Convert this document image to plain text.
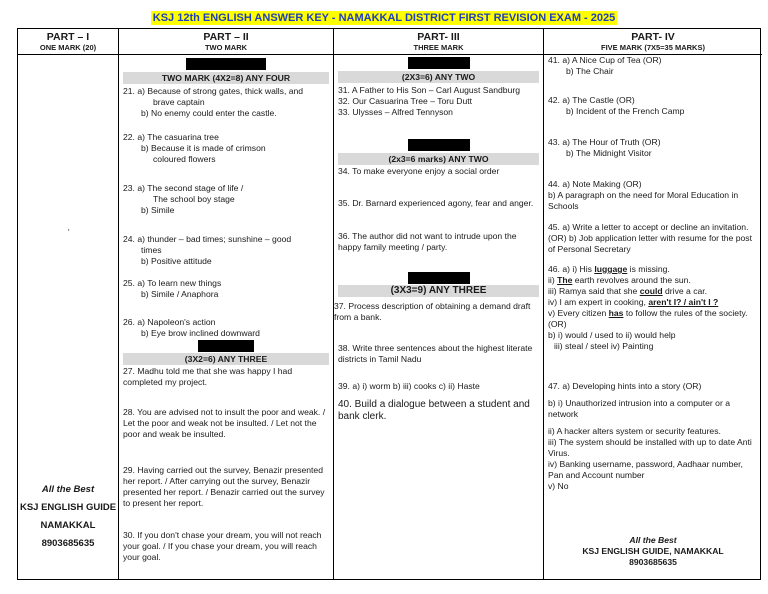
KSJ 12th ENGLISH ANSWER KEY - NAMAKKAL DISTRICT FIRST REVISION EXAM - 2025
PART – I
ONE MARK (20)
'
All the Best
KSJ ENGLISH GUIDE
NAMAKKAL
8903685635
PART – II
TWO MARK
TWO MARK (4X2=8) ANY FOUR
21. a) Because of strong gates, thick walls, and
brave captain
b) No enemy could enter the castle.
22. a) The casuarina tree
b) Because it is made of crimson
coloured flowers
23. a) The second stage of life /
The school boy stage
b) Simile
24. a) thunder – bad times; sunshine – good
times
b) Positive attitude
25. a) To learn new things
b) Simile / Anaphora
26. a) Napoleon's action
b) Eye brow inclined downward
(3X2=6) ANY THREE
27. Madhu told me that she was happy I had completed my project.
28. You are advised not to insult the poor and weak. / Let the poor and weak not be insulted. / Let not the poor and weak be insulted.
29. Having carried out the survey, Benazir presented her report. / After carrying out the survey, Benazir presented her report. / Benazir carried out the survey to present her report.
30. If you don't chase your dream, you will not reach your goal. / If you chase your dream, you will reach your goal.
PART- III
THREE MARK
(2X3=6) ANY TWO
31. A Father to His Son – Carl August Sandburg
32. Our Casuarina Tree – Toru Dutt
33. Ulysses – Alfred Tennyson
(2x3=6 marks) ANY TWO
34. To make everyone enjoy a social order
35. Dr. Barnard experienced agony, fear and anger.
36. The author did not want to intrude upon the happy family meeting / party.
(3X3=9) ANY THREE
37. Process description of obtaining a demand draft from a bank.
38. Write three sentences about the highest literate districts in Tamil Nadu
39. a) i) worm b) iii) cooks c) ii) Haste
40. Build a dialogue between a student and bank clerk.
PART- IV
FIVE MARK (7X5=35 MARKS)
41. a) A Nice Cup of Tea (OR)
b) The Chair
42. a) The Castle (OR)
b) Incident of the French Camp
43. a) The Hour of Truth (OR)
b) The Midnight Visitor
44. a) Note Making (OR)
b) A paragraph on the need for Moral Education in Schools
45. a) Write a letter to accept or decline an invitation. (OR) b) Job application letter with resume for the post of Personal Secretary
46. a) i) His luggage is missing.
ii) The earth revolves around the sun.
iii) Ramya said that she could drive a car.
iv) I am expert in cooking, aren't I? / ain't I ?
v) Every citizen has to follow the rules of the society. (OR)
b) i) would / used to ii) would help
iii) steal / steel iv) Painting
47. a) Developing hints into a story (OR)
b) i) Unauthorized intrusion into a computer or a network
ii) A hacker alters system or security features.
iii) The system should be installed with up to date Anti Virus.
iv) Banking username, password, Aadhaar number, Pan and Account number
v) No
All the Best
KSJ ENGLISH GUIDE, NAMAKKAL
8903685635
